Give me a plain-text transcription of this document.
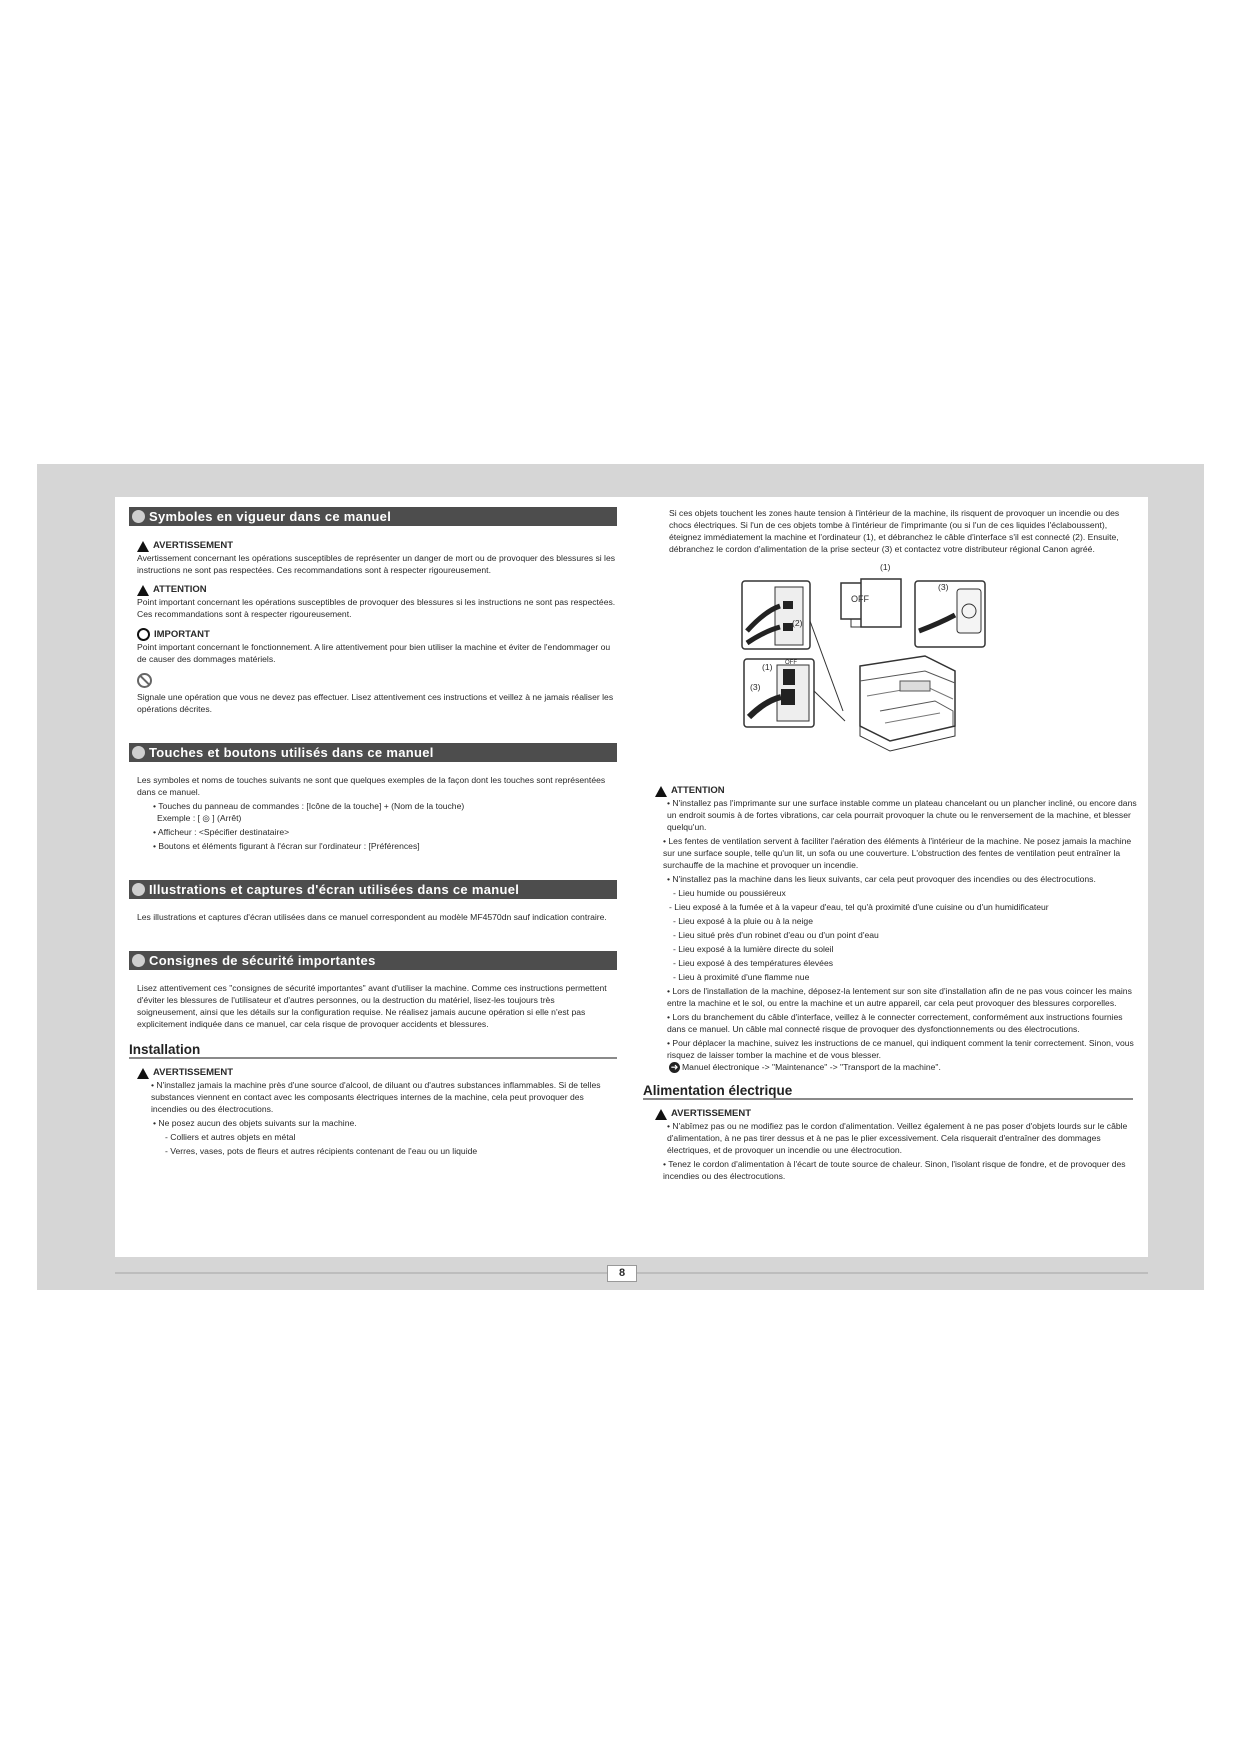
Symboles en vigueur dans ce manuel
AVERTISSEMENT

Avertissement concernant les opérations susceptibles de représenter un danger de mort ou de provoquer des blessures si les instructions ne sont pas respectées. Ces recommandations sont à respecter rigoureusement.

ATTENTION

Point important concernant les opérations susceptibles de provoquer des blessures si les instructions ne sont pas respectées. Ces recommandations sont à respecter rigoureusement.

IMPORTANT

Point important concernant le fonctionnement. A lire attentivement pour bien utiliser la machine et éviter de l'endommager ou de causer des dommages matériels.

Signale une opération que vous ne devez pas effectuer. Lisez attentivement ces instructions et veillez à ne jamais réaliser les opérations décrites.

Touches et boutons utilisés dans ce manuel

Les symboles et noms de touches suivants ne sont que quelques exemples de la façon dont les touches sont représentées dans ce manuel.

• Touches du panneau de commandes : [Icône de la touche] + (Nom de la touche)

Exemple : [ ◎ ] (Arrêt)

• Afficheur : <Spécifier destinataire>

• Boutons et éléments figurant à l'écran sur l'ordinateur : [Préférences]

Illustrations et captures d'écran utilisées dans ce manuel

Les illustrations et captures d'écran utilisées dans ce manuel correspondent au modèle MF4570dn sauf indication contraire.

Consignes de sécurité importantes

Lisez attentivement ces "consignes de sécurité importantes" avant d'utiliser la machine. Comme ces instructions permettent d'éviter les blessures de l'utilisateur et d'autres personnes, ou la destruction du matériel, lisez-les toujours très soigneusement, ainsi que les détails sur la configuration requise. Ne réalisez jamais aucune opération si elle n'est pas explicitement indiquée dans ce manuel, car cela risque de provoquer accidents et blessures.

Installation
AVERTISSEMENT

• N'installez jamais la machine près d'une source d'alcool, de diluant ou d'autres substances inflammables. Si de telles substances viennent en contact avec les composants électriques internes de la machine, cela peut provoquer des incendies ou des électrocutions.

• Ne posez aucun des objets suivants sur la machine.

- Colliers et autres objets en métal

- Verres, vases, pots de fleurs et autres récipients contenant de l'eau ou un liquide

Si ces objets touchent les zones haute tension à l'intérieur de la machine, ils risquent de provoquer un incendie ou des chocs électriques. Si l'un de ces objets tombe à l'intérieur de l'imprimante (ou si l'un de ces liquides l'éclaboussent), éteignez immédiatement la machine et l'ordinateur (1), et débranchez le câble d'interface s'il est connecté (2). Ensuite, débranchez le cordon d'alimentation de la prise secteur (3) et contactez votre distributeur régional Canon agréé.

(1)
OFF
(3)
(2)
(1) OFF
(3)
ATTENTION

• N'installez pas l'imprimante sur une surface instable comme un plateau chancelant ou un plancher incliné, ou encore dans un endroit soumis à de fortes vibrations, car cela pourrait provoquer la chute ou le renversement de la machine, et blesser quelqu'un.

• Les fentes de ventilation servent à faciliter l'aération des éléments à l'intérieur de la machine. Ne posez jamais la machine sur une surface souple, telle qu'un lit, un sofa ou une couverture. L'obstruction des fentes de ventilation peut entraîner la surchauffe de la machine et provoquer un incendie.

• N'installez pas la machine dans les lieux suivants, car cela peut provoquer des incendies ou des électrocutions.

- Lieu humide ou poussiéreux

- Lieu exposé à la fumée et à la vapeur d'eau, tel qu'à proximité d'une cuisine ou d'un humidificateur

- Lieu exposé à la pluie ou à la neige

- Lieu situé près d'un robinet d'eau ou d'un point d'eau

- Lieu exposé à la lumière directe du soleil

- Lieu exposé à des températures élevées

- Lieu à proximité d'une flamme nue

• Lors de l'installation de la machine, déposez-la lentement sur son site d'installation afin de ne pas vous coincer les mains entre la machine et le sol, ou entre la machine et un autre appareil, car cela peut provoquer des blessures corporelles.

• Lors du branchement du câble d'interface, veillez à le connecter correctement, conformément aux instructions fournies dans ce manuel. Un câble mal connecté risque de provoquer des dysfonctionnements ou des électrocutions.

• Pour déplacer la machine, suivez les instructions de ce manuel, qui indiquent comment la tenir correctement. Sinon, vous risquez de laisser tomber la machine et de vous blesser.

➜ Manuel électronique -> "Maintenance" -> "Transport de la machine".

Alimentation électrique
AVERTISSEMENT

• N'abîmez pas ou ne modifiez pas le cordon d'alimentation. Veillez également à ne pas poser d'objets lourds sur le câble d'alimentation, à ne pas tirer dessus et à ne pas le plier excessivement. Cela risquerait d'entraîner des dommages électriques, et de provoquer un incendie ou une électrocution.

• Tenez le cordon d'alimentation à l'écart de toute source de chaleur. Sinon, l'isolant risque de fondre, et de provoquer des incendies ou des électrocutions.

8
